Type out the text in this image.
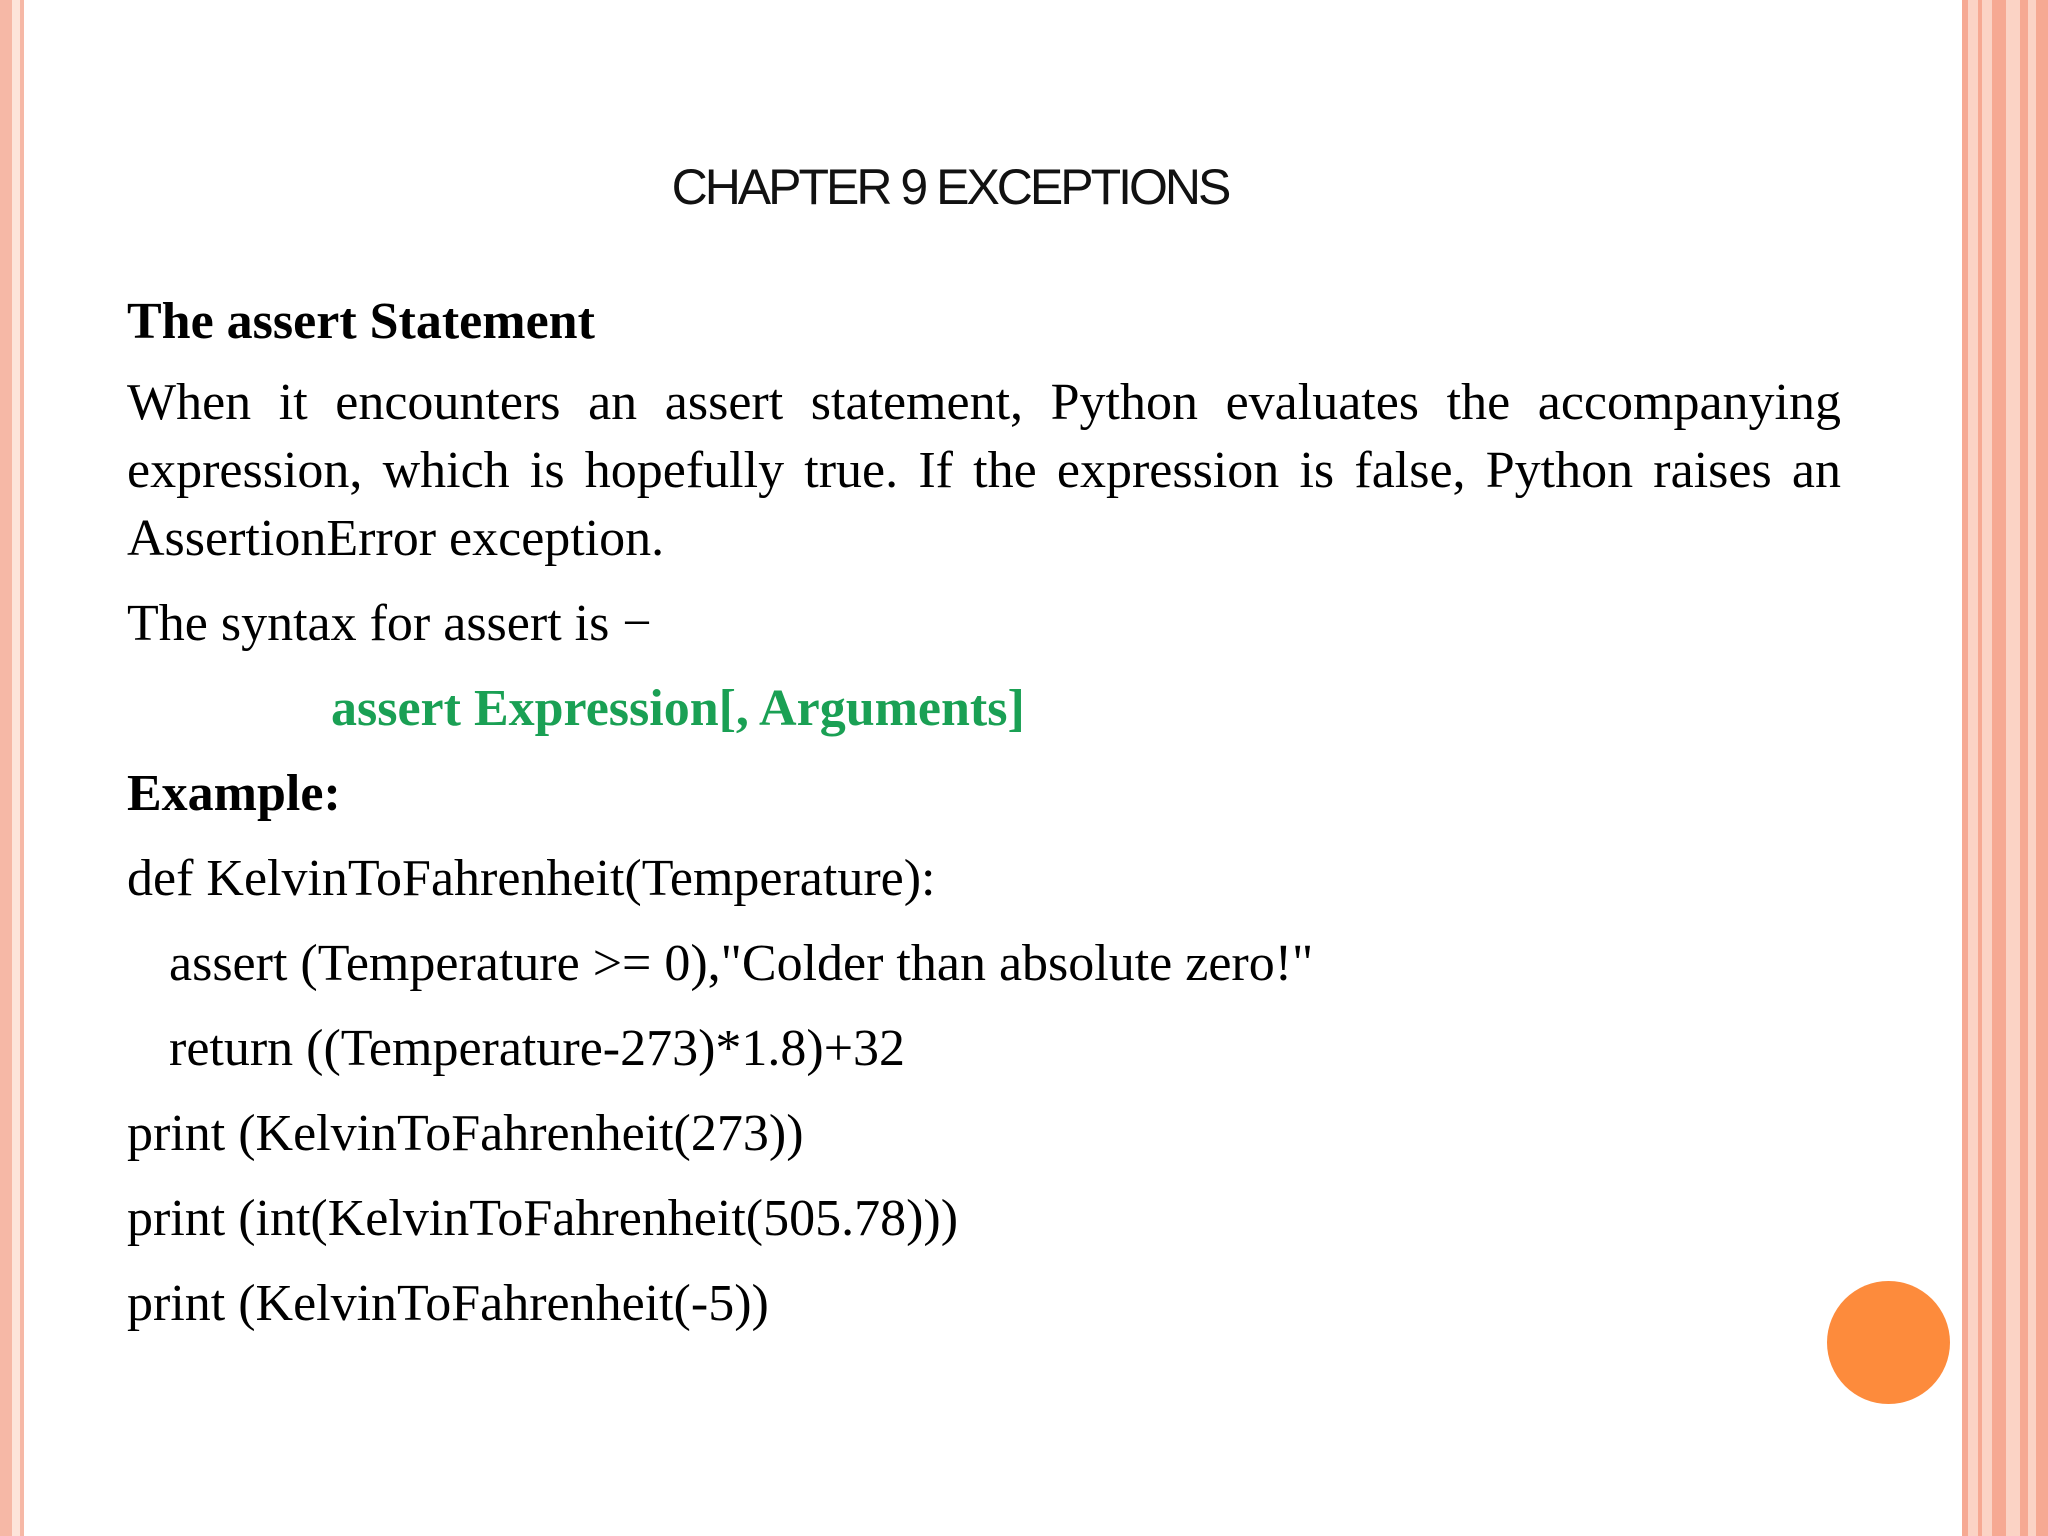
CHAPTER 9 EXCEPTIONS
The assert Statement
When it encounters an assert statement, Python evaluates the accompanying expression, which is hopefully true. If the expression is false, Python raises an AssertionError exception.
The syntax for assert is −
assert Expression[, Arguments]
Example:
def KelvinToFahrenheit(Temperature):
assert (Temperature >= 0),"Colder than absolute zero!"
return ((Temperature-273)*1.8)+32
print (KelvinToFahrenheit(273))
print (int(KelvinToFahrenheit(505.78)))
print (KelvinToFahrenheit(-5))
